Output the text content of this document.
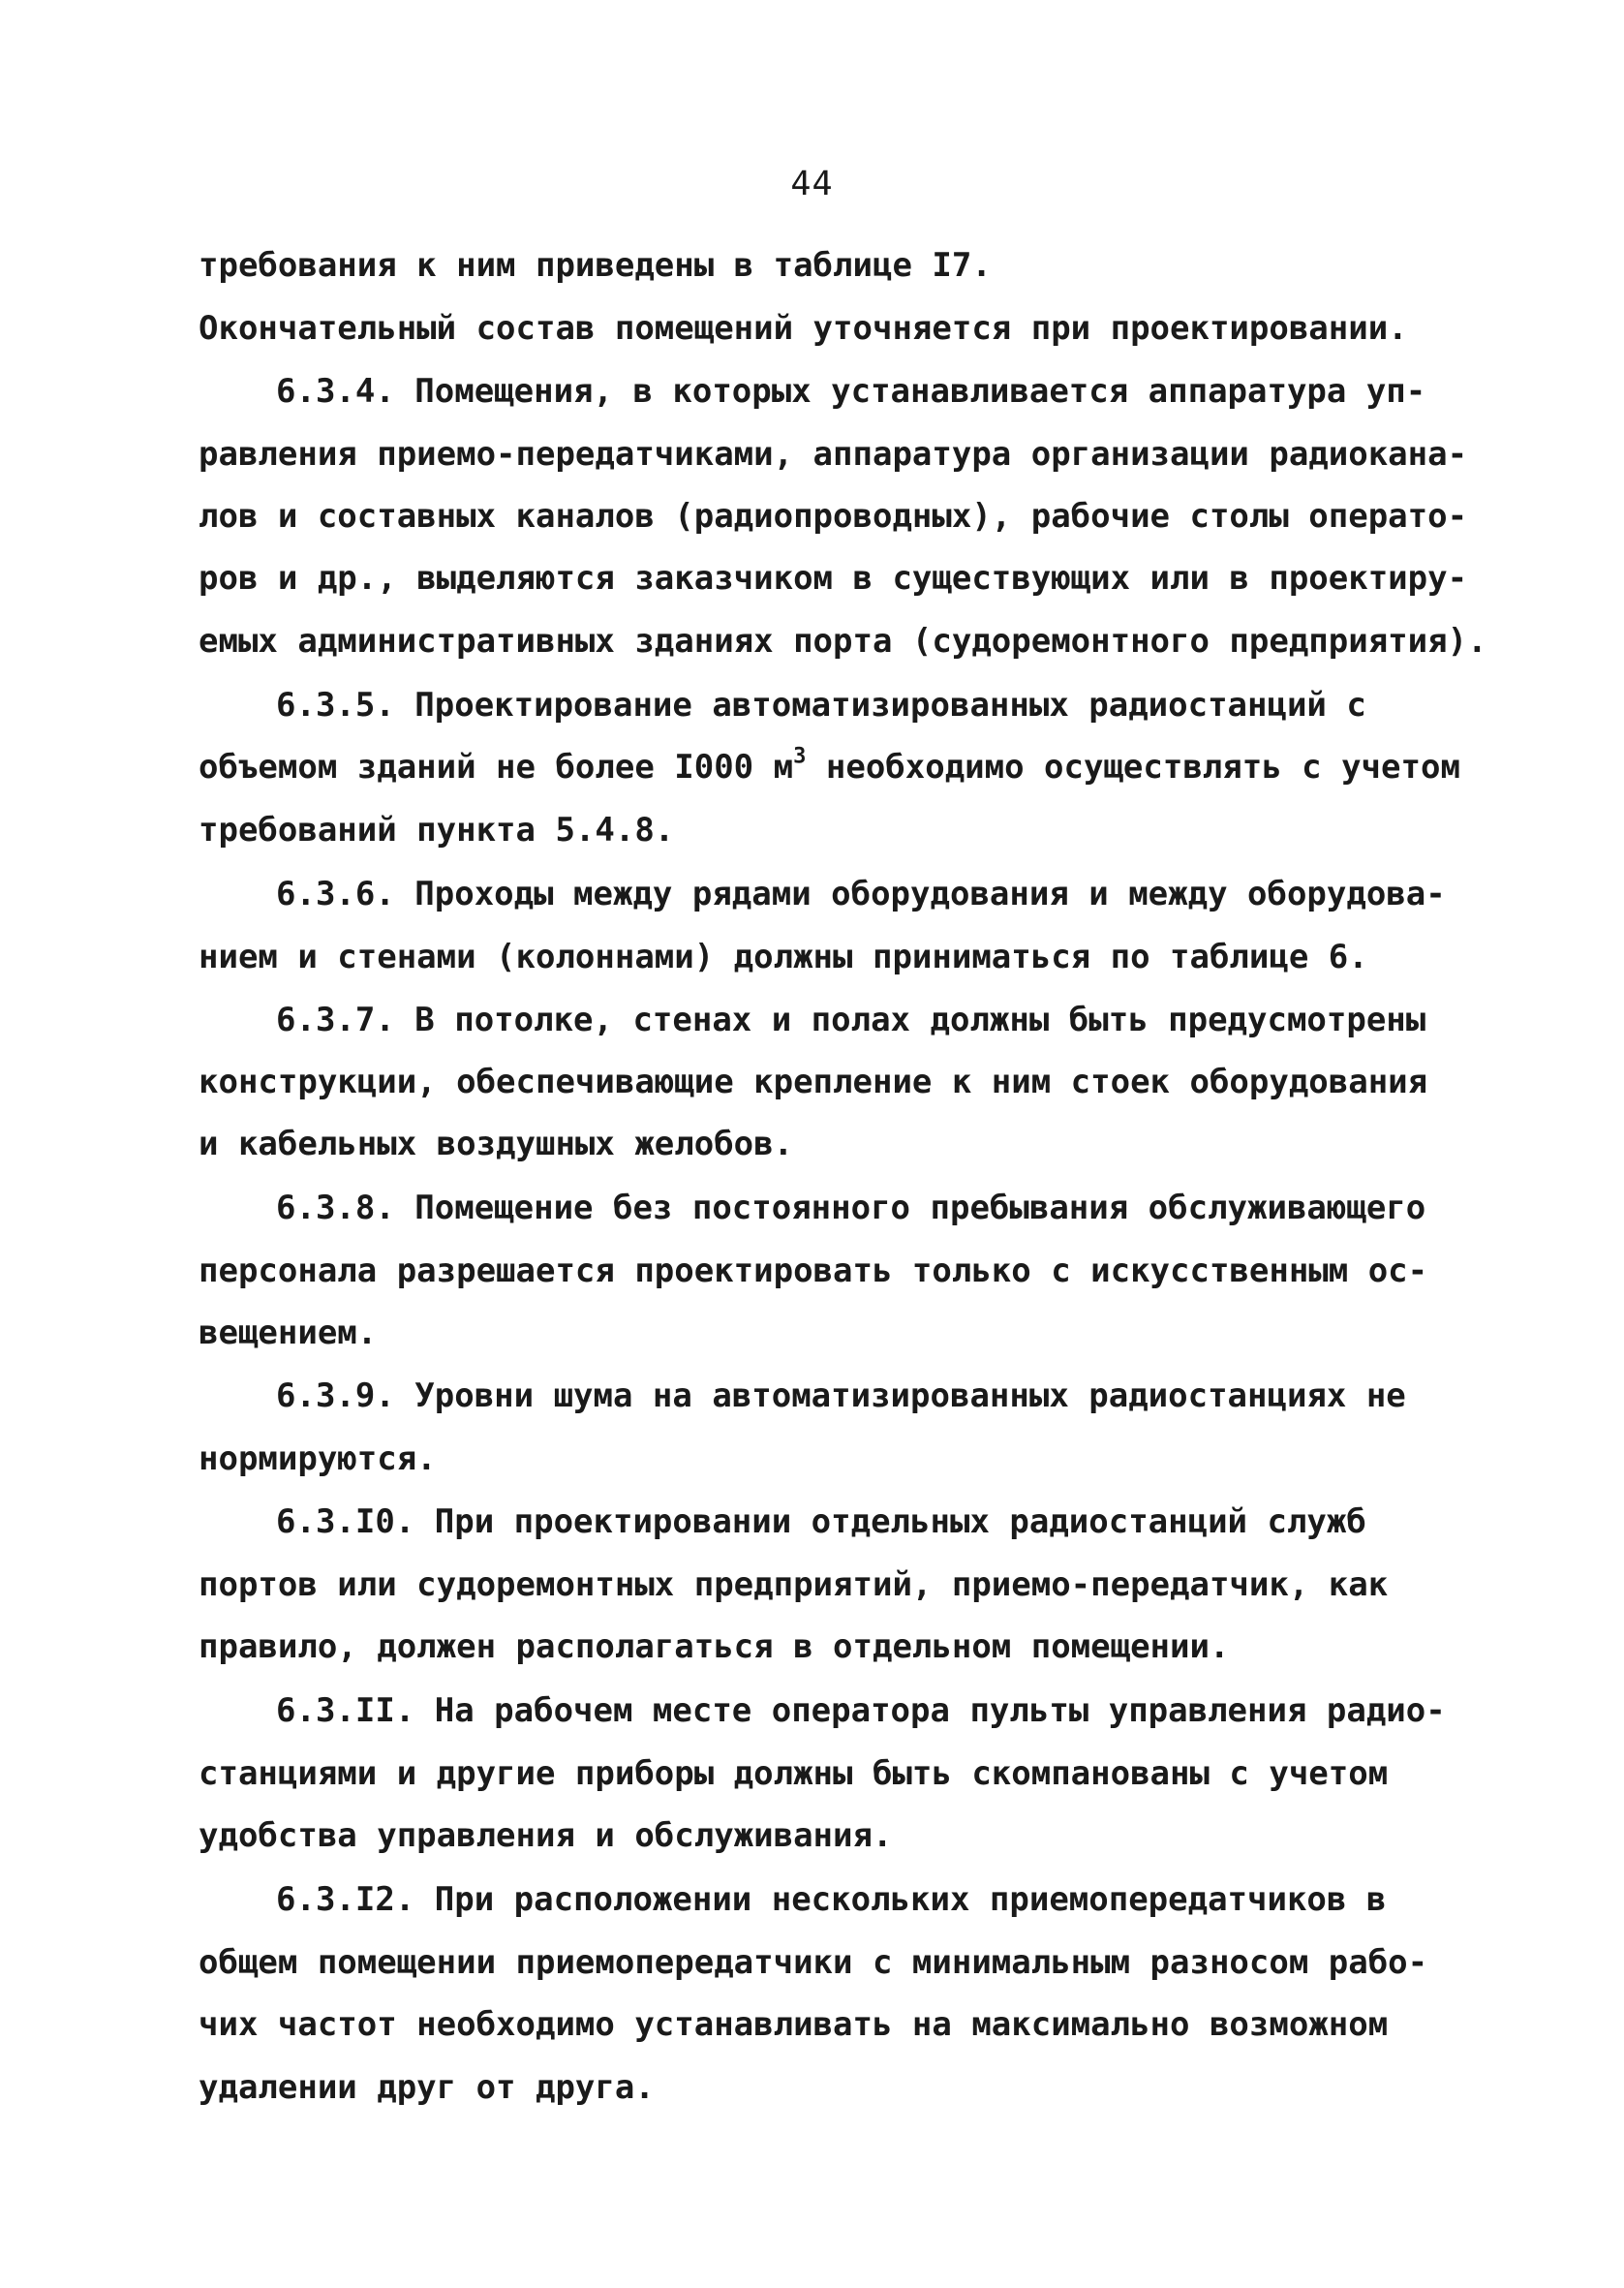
44
требования к ним приведены в таблице I7.
Окончательный состав помещений уточняется при проектировании.
6.3.4. Помещения, в которых устанавливается аппаратура уп-
равления приемо-передатчиками, аппаратура организации радиокана-
лов и составных каналов (радиопроводных), рабочие столы операто-
ров и др., выделяются заказчиком в существующих или в проектиру-
емых административных зданиях порта (судоремонтного предприятия).
6.3.5. Проектирование автоматизированных радиостанций с
объемом зданий не более I000 $м^3$ необходимо осуществлять с учетом
требований пункта 5.4.8.
6.3.6. Проходы между рядами оборудования и между оборудова-
нием и стенами (колоннами) должны приниматься по таблице 6.
6.3.7. В потолке, стенах и полах должны быть предусмотрены
конструкции, обеспечивающие крепление к ним стоек оборудования
и кабельных воздушных желобов.
6.3.8. Помещение без постоянного пребывания обслуживающего
персонала разрешается проектировать только с искусственным ос-
вещением.
6.3.9. Уровни шума на автоматизированных радиостанциях не
нормируются.
6.3.I0. При проектировании отдельных радиостанций служб
портов или судоремонтных предприятий, приемо-передатчик, как
правило, должен располагаться в отдельном помещении.
6.3.II. На рабочем месте оператора пульты управления радио-
станциями и другие приборы должны быть скомпанованы с учетом
удобства управления и обслуживания.
6.3.I2. При расположении нескольких приемопередатчиков в
общем помещении приемопередатчики с минимальным разносом рабо-
чих частот необходимо устанавливать на максимально возможном
удалении друг от друга.
